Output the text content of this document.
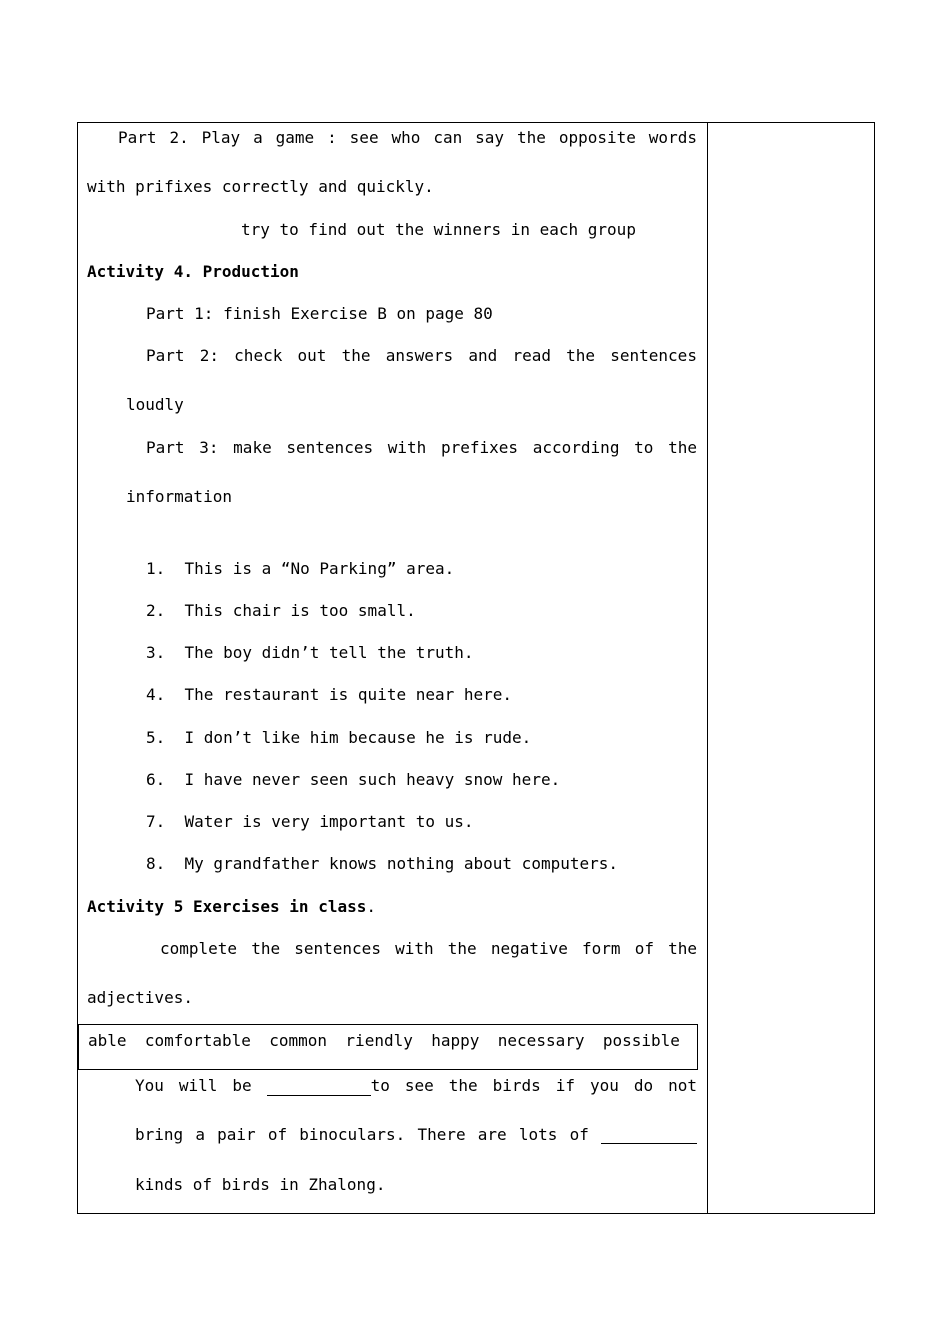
Part 2. Play a game : see who can say the opposite words
with prifixes correctly and quickly.
try to find out the winners in each group
Activity 4. Production
Part 1: finish Exercise B on page 80
Part 2: check out the answers and read the sentences
loudly
Part 3: make sentences with prefixes according to the
information
1. This is a “No Parking” area.
2. This chair is too small.
3. The boy didn’t tell the truth.
4. The restaurant is quite near here.
5. I don’t like him because he is rude.
6. I have never seen such heavy snow here.
7. Water is very important to us.
8. My grandfather knows nothing about computers.
Activity 5 Exercises in class.
complete the sentences with the negative form of the
adjectives.
able comfortable common riendly happy necessary possible
You will be	to see the birds if you do not
bring a pair of binoculars. There are lots of
kinds of birds in Zhalong.
